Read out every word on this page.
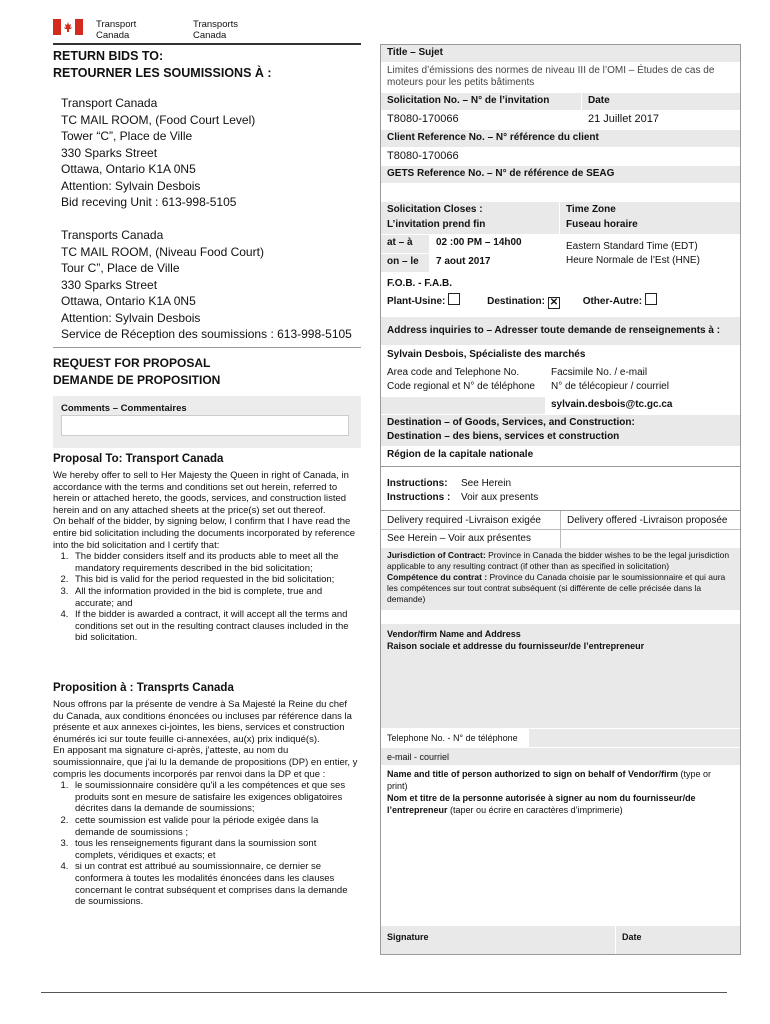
Transport
Canada
Transports
Canada
RETURN BIDS TO:
RETOURNER LES SOUMISSIONS À :
Transport Canada
TC MAIL ROOM, (Food Court Level)
Tower “C”, Place de Ville
330 Sparks Street
Ottawa, Ontario K1A 0N5
Attention: Sylvain Desbois
Bid receving Unit : 613-998-5105
Transports Canada
TC MAIL ROOM, (Niveau Food Court)
Tour C”, Place de Ville
330 Sparks Street
Ottawa, Ontario K1A 0N5
Attention: Sylvain Desbois
Service de Réception des soumissions : 613-998-5105
REQUEST FOR PROPOSAL
DEMANDE DE PROPOSITION
Comments – Commentaires
Proposal To: Transport Canada

We hereby offer to sell to Her Majesty the Queen in right of Canada, in accordance with the terms and conditions set out herein, referred to herein or attached hereto, the goods, services, and construction listed herein and on any attached sheets at the price(s) set out thereof.

On behalf of the bidder, by signing below, I confirm that I have read the entire bid solicitation including the documents incorporated by reference into the bid solicitation and I certify that:

1. The bidder considers itself and its products able to meet all the mandatory requirements described in the bid solicitation;
2. This bid is valid for the period requested in the bid solicitation;
3. All the information provided in the bid is complete, true and accurate; and
4. If the bidder is awarded a contract, it will accept all the terms and conditions set out in the resulting contract clauses included in the bid solicitation.
Proposition à : Transprts Canada

Nous offrons par la présente de vendre à Sa Majesté la Reine du chef du Canada, aux conditions énoncées ou incluses par référence dans la présente et aux annexes ci-jointes, les biens, services et construction énumérés ici sur toute feuille ci-annexées, au(x) prix indiqué(s).

En apposant ma signature ci-après, j'atteste, au nom du soumissionnaire, que j'ai lu la demande de propositions (DP) en entier, y compris les documents incorporés par renvoi dans la DP et que :

1. le soumissionnaire considère qu'il a les compétences et que ses produits sont en mesure de satisfaire les exigences obligatoires décrites dans la demande de soumissions;
2. cette soumission est valide pour la période exigée dans la demande de soumissions ;
3. tous les renseignements figurant dans la soumission sont complets, véridiques et exacts; et
4. si un contrat est attribué au soumissionnaire, ce dernier se conformera à toutes les modalités énoncées dans les clauses concernant le contrat subséquent et comprises dans la demande de soumissions.
Title – Sujet
Limites d’émissions des normes de niveau III de l’OMI – Études de cas de moteurs pour les petits bâtiments
Solicitation No. – N° de l’invitation	Date
T8080-170066	21 Juillet 2017
Client Reference No. – N° référence du client
T8080-170066
GETS Reference No. – N° de référence de SEAG
Solicitation Closes :
L’invitation prend fin
Time Zone
Fuseau horaire
at – à	02 :00 PM – 14h00
on – le	7 aout 2017
Eastern Standard Time (EDT)
Heure Normale de l’Est (HNE)
F.O.B. - F.A.B.
Plant-Usine:	Destination: ✕ Other-Autre:
Address inquiries to – Adresser toute demande de renseignements à :
Sylvain Desbois, Spécialiste des marchés
Area code and Telephone No.
Code regional et N° de téléphone
Facsimile No. / e-mail
N° de télécopieur / courriel
sylvain.desbois@tc.gc.ca
Destination – of Goods, Services, and Construction:
Destination – des biens, services et construction
Région de la capitale nationale
Instructions: See Herein
Instructions : Voir aux presents
Delivery required -Livraison exigée	Delivery offered -Livraison proposée
See Herein – Voir aux présentes
Jurisdiction of Contract: Province in Canada the bidder wishes to be the legal jurisdiction applicable to any resulting contract (if other than as specified in solicitation)
Compétence du contrat : Province du Canada choisie par le soumissionnaire et qui aura les compétences sur tout contrat subséquent (si différente de celle précisée dans la demande)
Vendor/firm Name and Address
Raison sociale et addresse du fournisseur/de l’entrepreneur
Telephone No. - N° de téléphone
e-mail - courriel
Name and title of person authorized to sign on behalf of Vendor/firm (type or print)
Nom et titre de la personne autorisée à signer au nom du fournisseur/de l’entrepreneur (taper ou écrire en caractères d’imprimerie)
Signature	Date
